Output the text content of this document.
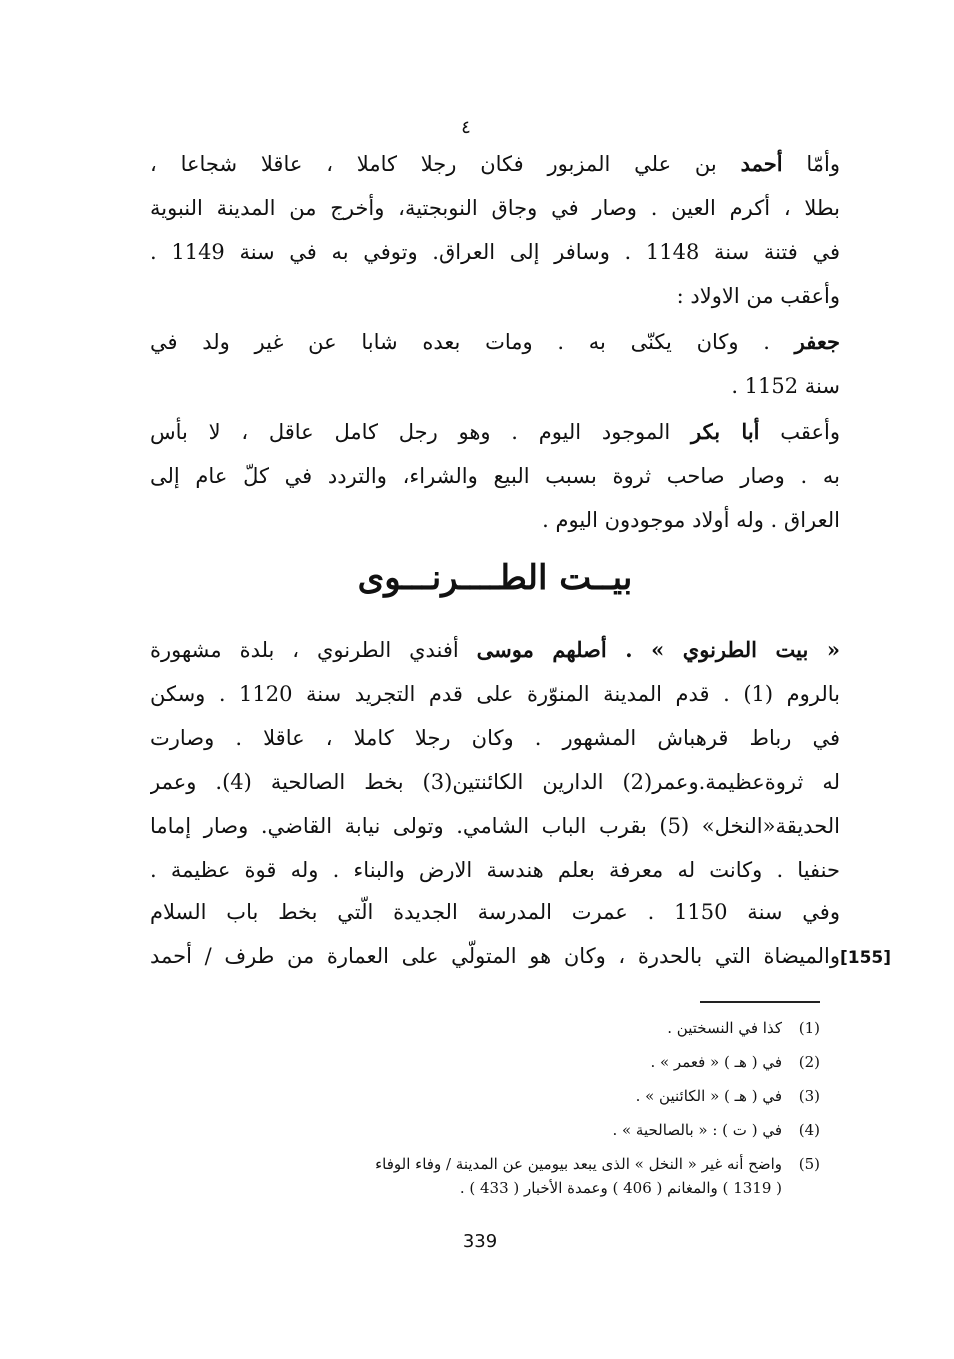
٤
وأمّا أحمد بن علي المزبور فكان رجلا كاملا ، عاقلا شجاعا ،
بطلا ، أكرم العين . وصار في وجاق النوبجتية، وأخرج من المدينة النبوية
في فتنة سنة 1148 . وسافر إلى العراق. وتوفي به في سنة 1149 .
وأعقب من الاولاد :
جعفر . وكان يكنّى به . ومات بعده شابا عن غير ولد في
سنة 1152 .
وأعقب أبا بكر الموجود اليوم . وهو رجل كامل عاقل ، لا بأس
به . وصار صاحب ثروة بسبب البيع والشراء، والتردد في كلّ عام إلى
العراق . وله أولاد موجودون اليوم .
بيــت الطــــرنـــوى
« بيت الطرنوي » . أصلهم موسى أفندي الطرنوي ، بلدة مشهورة
بالروم (1) . قدم المدينة المنوّرة على قدم التجريد سنة 1120 . وسكن
في رباط قرهباش المشهور . وكان رجلا كاملا ، عاقلا . وصارت
له ثروةعظيمة.وعمر(2) الدارين الكائنتين(3) بخط الصالحية (4). وعمر
الحديقة«النخل» (5) بقرب الباب الشامي. وتولى نيابة القاضي. وصار إماما
حنفيا . وكانت له معرفة بعلم هندسة الارض والبناء . وله قوة عظيمة .
وفي سنة 1150 . عمرت المدرسة الجديدة الّتي بخط باب السلام
والميضاة التي بالحدرة ، وكان هو المتولّي على العمارة من طرف / أحمد [155]
(1)
كذا في النسختين .
(2)
في ( هـ ) « فعمر » .
(3)
في ( هـ ) « الكائنين » .
(4)
في ( ت ) : « بالصالحية » .
(5)
واضح أنه غير « النخل » الذى يبعد بيومين عن المدينة / وفاء الوفاء
( 1319 ) والمغانم ( 406 ) وعمدة الأخبار ( 433 ) .
339
